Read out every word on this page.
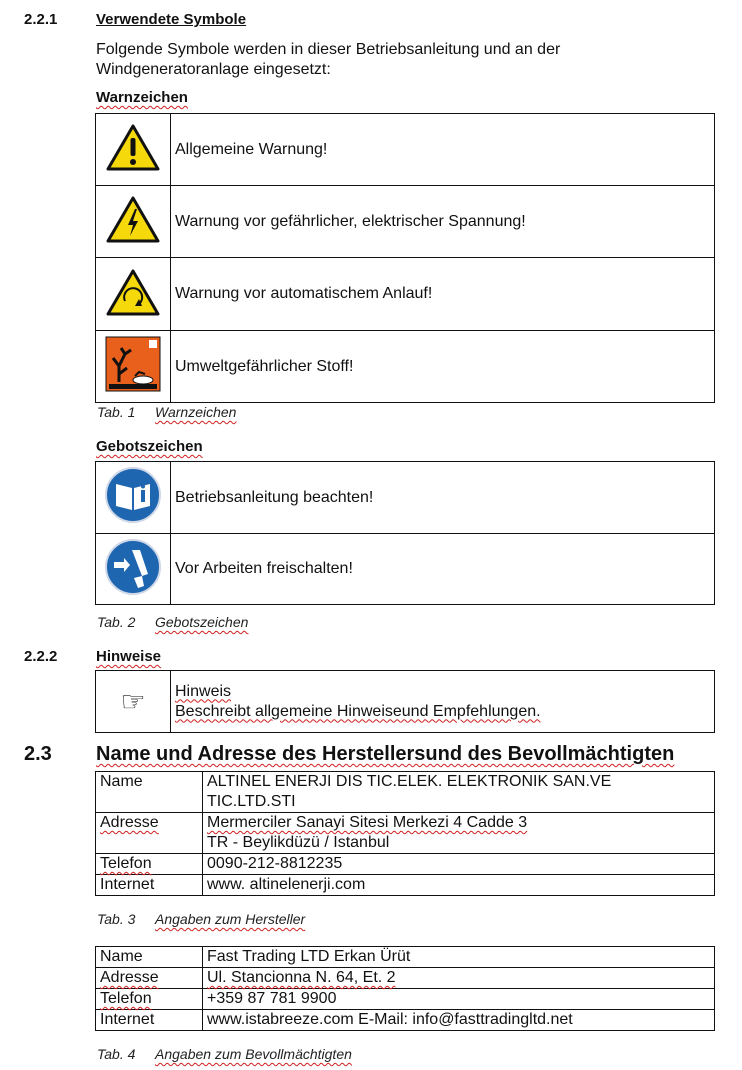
2.2.1	Verwendete Symbole
Folgende Symbole werden in dieser Betriebsanleitung und an der
Windgeneratoranlage eingesetzt:
Warnzeichen
	Allgemeine Warnung!
	Warnung vor gefährlicher, elektrischer Spannung!
	Warnung vor automatischem Anlauf!
	Umweltgefährlicher Stoff!
Tab. 1 Warnzeichen
Gebotszeichen
	Betriebsanleitung beachten!
	Vor Arbeiten freischalten!
Tab. 2 Gebotszeichen
2.2.2	Hinweise
☞	Hinweis
Beschreibt allgemeine Hinweiseund Empfehlungen.
2.3 Name und Adresse des Herstellersund des Bevollmächtigten
Name	ALTINEL ENERJI DIS TIC.ELEK. ELEKTRONIK SAN.VE
TIC.LTD.STI

Adresse	Mermerciler Sanayi Sitesi Merkezi 4 Cadde 3
TR - Beylikdüzü / Istanbul

Telefon	0090-212-8812235
Internet	www. altinelenerji.com
Tab. 3 Angaben zum Hersteller
Name	Fast Trading LTD Erkan Ürüt
Adresse	Ul. Stancionna N. 64, Et. 2
Telefon	+359 87 781 9900
Internet	www.istabreeze.com E-Mail: info@fasttradingltd.net
Tab. 4 Angaben zum Bevollmächtigten
